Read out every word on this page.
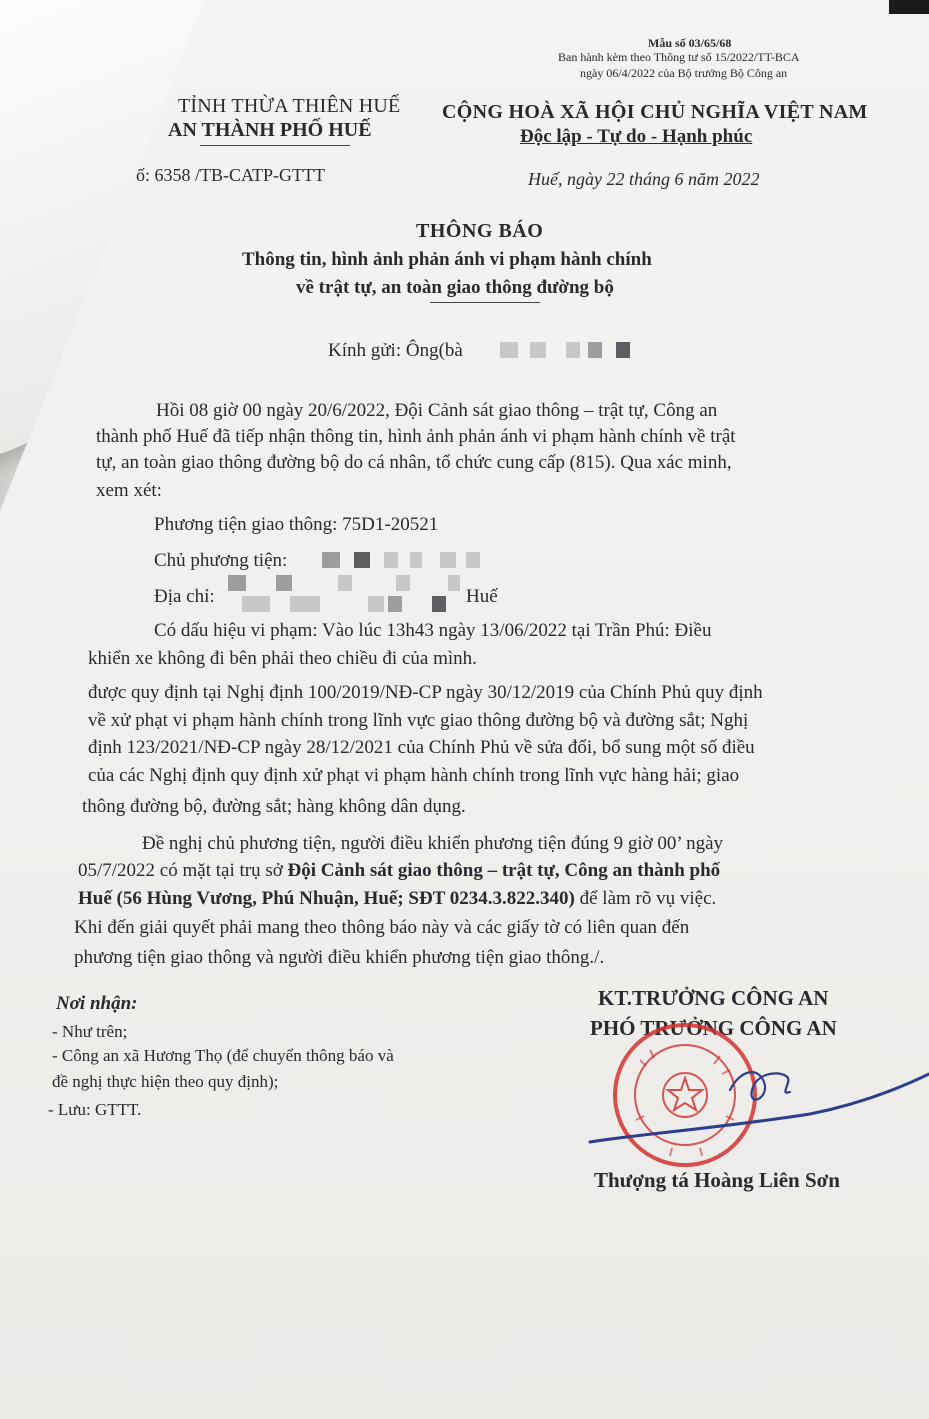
Mẫu số 03/65/68
Ban hành kèm theo Thông tư số 15/2022/TT-BCA
ngày 06/4/2022 của Bộ trưởng Bộ Công an
TỈNH THỪA THIÊN HUẾ
AN THÀNH PHỐ HUẾ
CỘNG HOÀ XÃ HỘI CHỦ NGHĨA VIỆT NAM
Độc lập - Tự do - Hạnh phúc
ố: 6358 /TB-CATP-GTTT	Huế, ngày 22 tháng 6 năm 2022
THÔNG BÁO
Thông tin, hình ảnh phản ánh vi phạm hành chính
về trật tự, an toàn giao thông đường bộ
Kính gửi: Ông(bà
Hồi 08 giờ 00 ngày 20/6/2022, Đội Cảnh sát giao thông – trật tự, Công an
thành phố Huế đã tiếp nhận thông tin, hình ảnh phản ánh vi phạm hành chính về trật
tự, an toàn giao thông đường bộ do cá nhân, tổ chức cung cấp (815). Qua xác minh,
xem xét:
Phương tiện giao thông: 75D1-20521
Chủ phương tiện:
Địa chỉ:	Huế
Có dấu hiệu vi phạm: Vào lúc 13h43 ngày 13/06/2022 tại Trần Phú: Điều
khiển xe không đi bên phải theo chiều đi của mình.
được quy định tại Nghị định 100/2019/NĐ-CP ngày 30/12/2019 của Chính Phủ quy định
về xử phạt vi phạm hành chính trong lĩnh vực giao thông đường bộ và đường sắt; Nghị
định 123/2021/NĐ-CP ngày 28/12/2021 của Chính Phủ về sửa đổi, bổ sung một số điều
của các Nghị định quy định xử phạt vi phạm hành chính trong lĩnh vực hàng hải; giao
thông đường bộ, đường sắt; hàng không dân dụng.
Đề nghị chủ phương tiện, người điều khiển phương tiện đúng 9 giờ 00’ ngày
05/7/2022 có mặt tại trụ sở Đội Cảnh sát giao thông – trật tự, Công an thành phố
Huế (56 Hùng Vương, Phú Nhuận, Huế; SĐT 0234.3.822.340) để làm rõ vụ việc.
Khi đến giải quyết phải mang theo thông báo này và các giấy tờ có liên quan đến
phương tiện giao thông và người điều khiển phương tiện giao thông./.
Nơi nhận:
- Như trên;
- Công an xã Hương Thọ (để chuyển thông báo và
đề nghị thực hiện theo quy định);
- Lưu: GTTT.
KT.TRƯỞNG CÔNG AN
PHÓ TRƯỞNG CÔNG AN
Thượng tá Hoàng Liên Sơn
